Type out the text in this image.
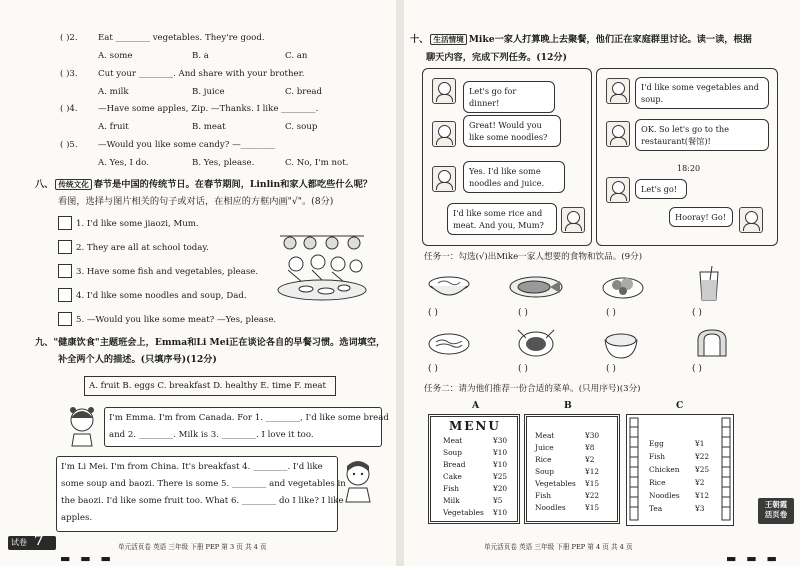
( )2. Eat ________ vegetables. They're good.
A. some	B. a	C. an
( )3. Cut your ________. And share with your brother.
A. milk	B. juice	C. bread
( )4. —Have some apples, Zip. —Thanks. I like ________.
A. fruit	B. meat	C. soup
( )5. —Would you like some candy? —________
A. Yes, I do.	B. Yes, please.	C. No, I'm not.
八、 传统文化 春节是中国的传统节日。在春节期间，Linlin和家人都吃些什么呢？
看图，选择与图片相关的句子或对话，在相应的方框内画"√"。(8分)
1. I'd like some jiaozi, Mum.
2. They are all at school today.
3. Have some fish and vegetables, please.
4. I'd like some noodles and soup, Dad.
5. —Would you like some meat? —Yes, please.
九、"健康饮食"主题班会上，Emma和Li Mei正在谈论各自的早餐习惯。选词填空，
补全两个人的描述。(只填序号)(12分)
A. fruit B. eggs C. breakfast D. healthy E. time F. meat
I'm Emma. I'm from Canada. For 1. ________, I'd like some bread
and 2. ________. Milk is 3. ________. I love it too.
I'm Li Mei. I'm from China. It's breakfast 4. ________. I'd like
some soup and baozi. There is some 5. ________ and vegetables in
the baozi. I'd like some fruit too. What 6. ________ do I like? I like
apples.
试卷 7	单元活页卷 英语 三年级 下册 PEP 第 3 页 共 4 页
▬ ▬ ▬
十、 生活情境 Mike一家人打算晚上去聚餐，他们正在家庭群里讨论。读一读，根据
聊天内容，完成下列任务。(12分)
Let's go for dinner!
Great! Would you like some noodles?
Yes. I'd like some noodles and juice.
I'd like some rice and meat. And you, Mum?
I'd like some vegetables and soup.
OK. So let's go to the restaurant(餐馆)!
18:20
Let's go!
Hooray! Go!
任务一：勾选(√)出Mike一家人想要的食物和饮品。(9分)
( )	( )	( )	( )
( )	( )	( )	( )
任务二：请为他们推荐一份合适的菜单。(只用序号)(3分)
A	B	C
MENU
Meat	¥30
Soup	¥10
Bread	¥10
Cake	¥25
Fish	¥20
Milk	¥5
Vegetables ¥10
Meat	¥30
Juice	¥8
Rice	¥2
Soup	¥12
Vegetables ¥15
Fish	¥22
Noodles	¥15
Egg	¥1
Fish	¥22
Chicken ¥25
Rice	¥2
Noodles ¥12
Tea	¥3	王朝霞 活页卷
单元活页卷 英语 三年级 下册 PEP 第 4 页 共 4 页
▬ ▬ ▬
